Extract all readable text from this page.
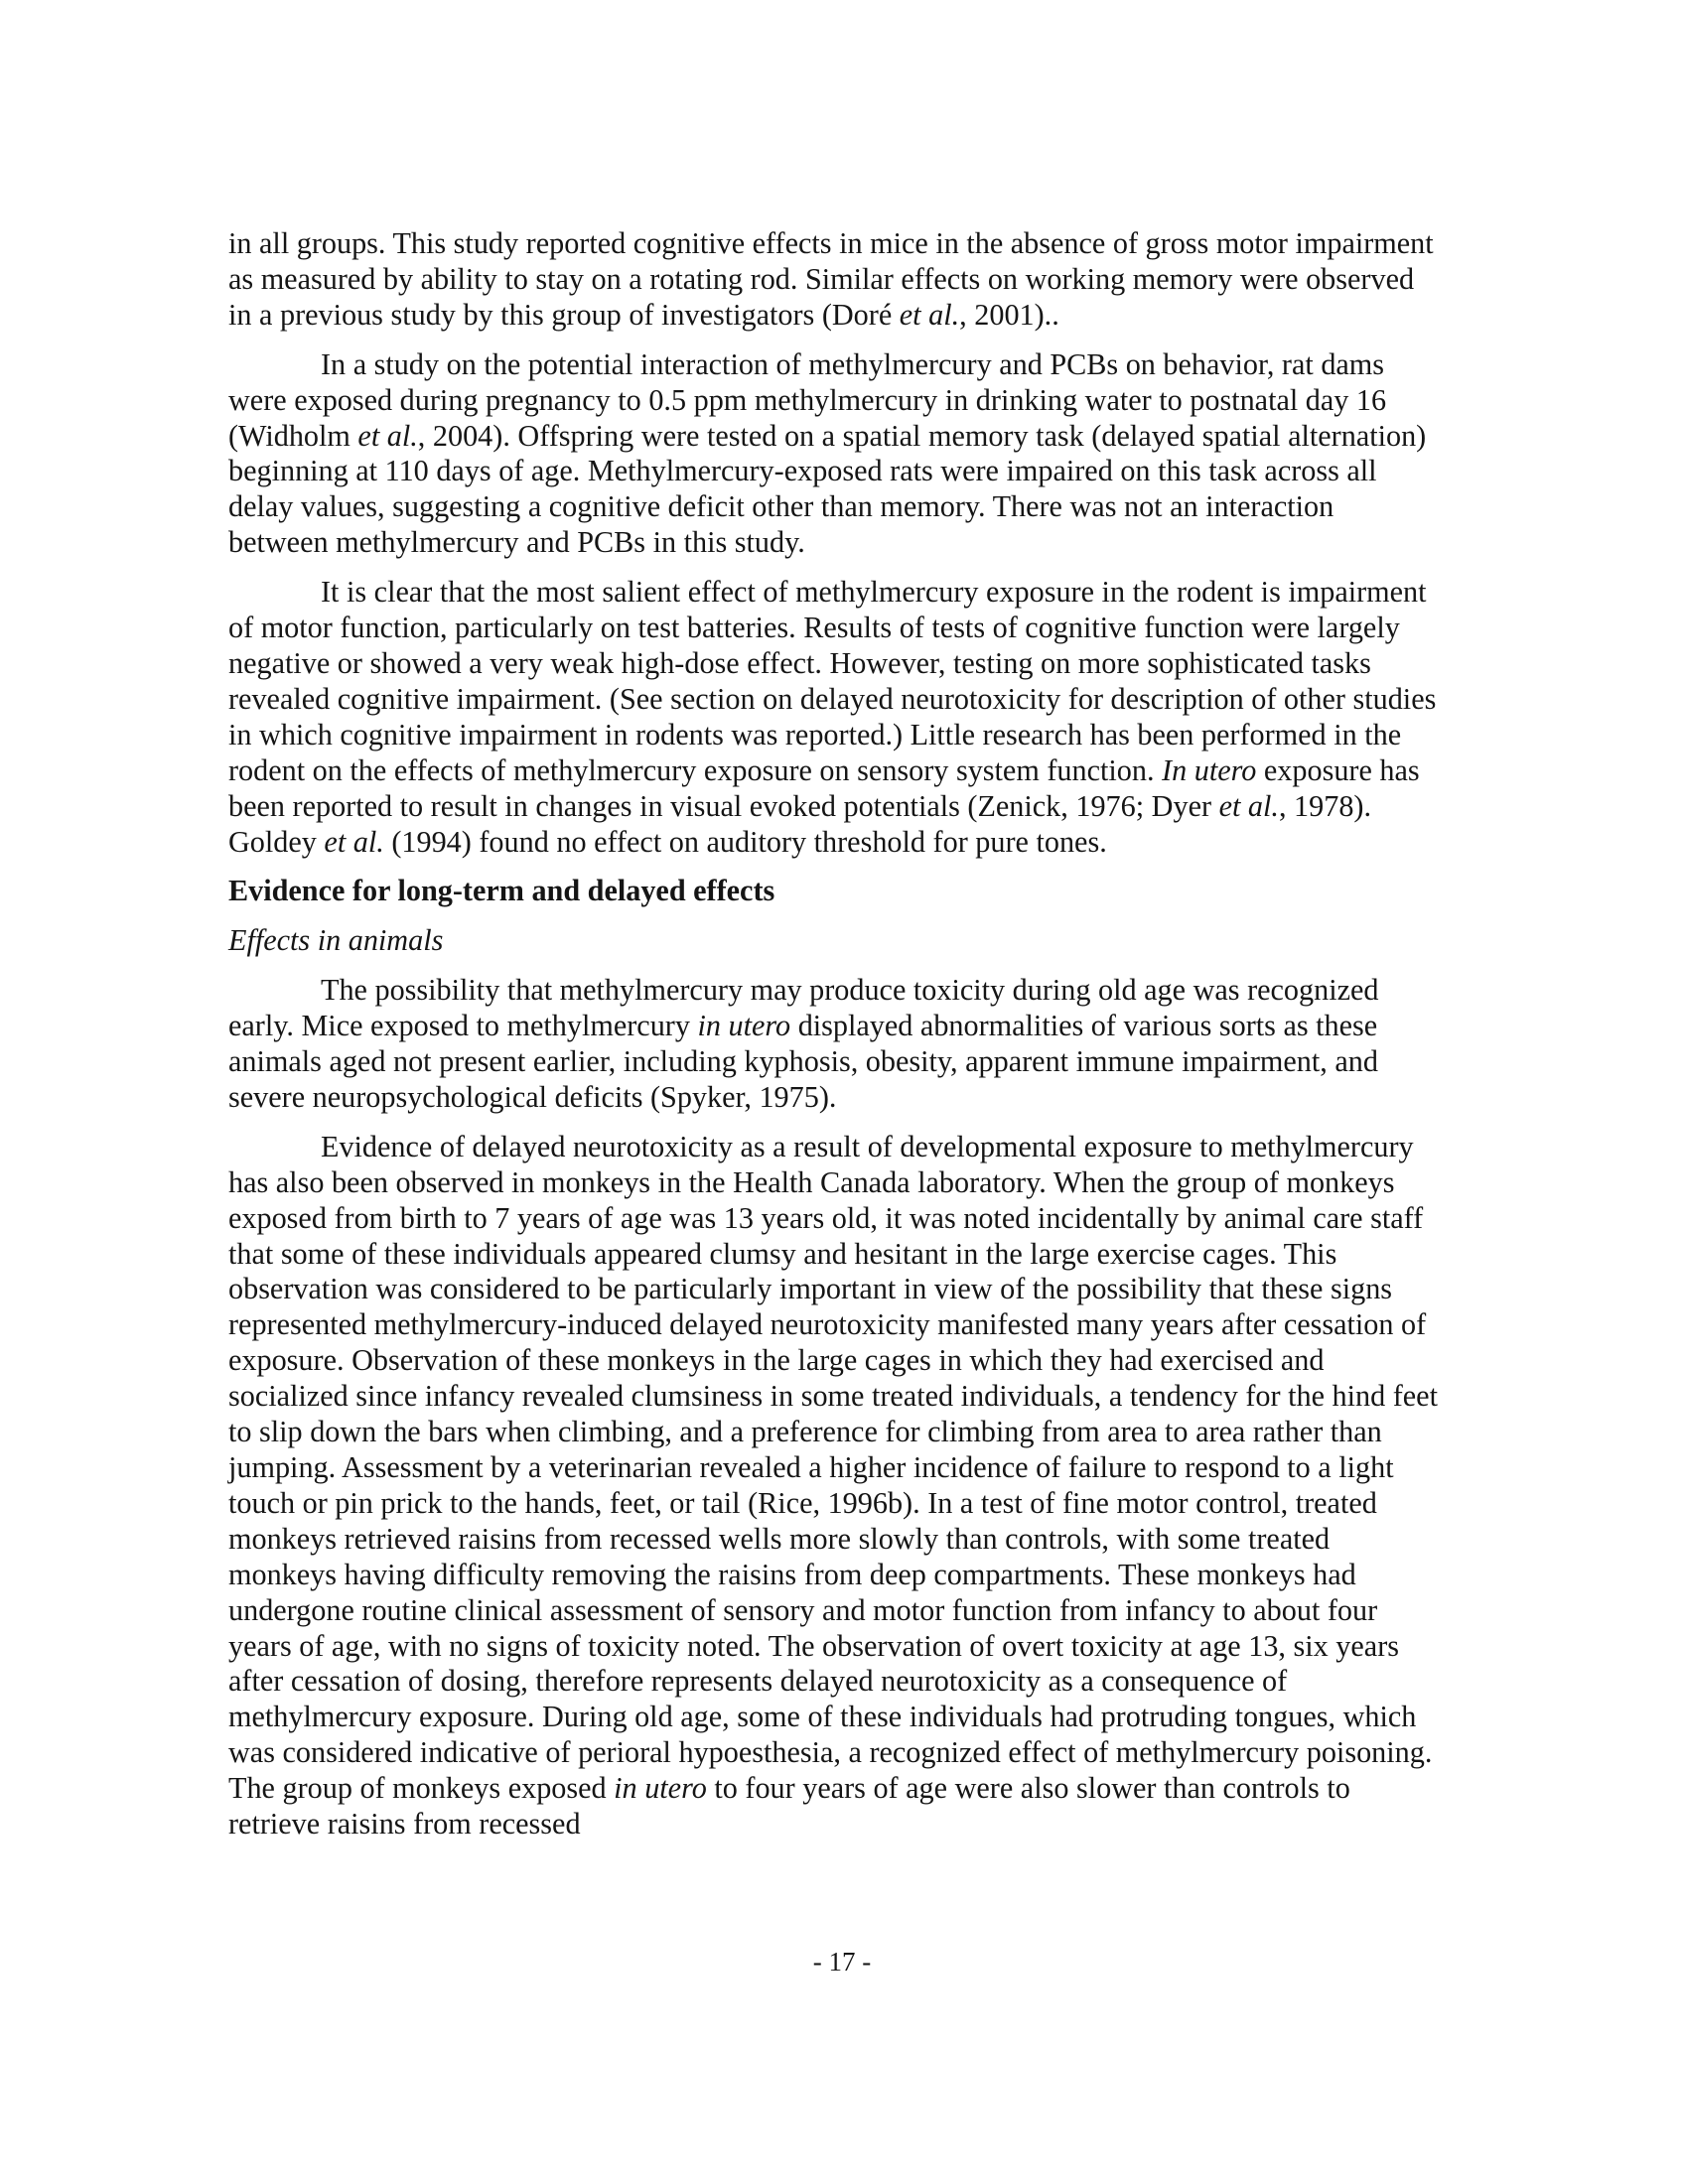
in all groups. This study reported cognitive effects in mice in the absence of gross motor impairment as measured by ability to stay on a rotating rod. Similar effects on working memory were observed in a previous study by this group of investigators (Doré et al., 2001)..

In a study on the potential interaction of methylmercury and PCBs on behavior, rat dams were exposed during pregnancy to 0.5 ppm methylmercury in drinking water to postnatal day 16 (Widholm et al., 2004). Offspring were tested on a spatial memory task (delayed spatial alternation) beginning at 110 days of age. Methylmercury-exposed rats were impaired on this task across all delay values, suggesting a cognitive deficit other than memory. There was not an interaction between methylmercury and PCBs in this study.

It is clear that the most salient effect of methylmercury exposure in the rodent is impairment of motor function, particularly on test batteries. Results of tests of cognitive function were largely negative or showed a very weak high-dose effect. However, testing on more sophisticated tasks revealed cognitive impairment. (See section on delayed neurotoxicity for description of other studies in which cognitive impairment in rodents was reported.) Little research has been performed in the rodent on the effects of methylmercury exposure on sensory system function. In utero exposure has been reported to result in changes in visual evoked potentials (Zenick, 1976; Dyer et al., 1978). Goldey et al. (1994) found no effect on auditory threshold for pure tones.

Evidence for long-term and delayed effects
Effects in animals

The possibility that methylmercury may produce toxicity during old age was recognized early. Mice exposed to methylmercury in utero displayed abnormalities of various sorts as these animals aged not present earlier, including kyphosis, obesity, apparent immune impairment, and severe neuropsychological deficits (Spyker, 1975).

Evidence of delayed neurotoxicity as a result of developmental exposure to methylmercury has also been observed in monkeys in the Health Canada laboratory. When the group of monkeys exposed from birth to 7 years of age was 13 years old, it was noted incidentally by animal care staff that some of these individuals appeared clumsy and hesitant in the large exercise cages. This observation was considered to be particularly important in view of the possibility that these signs represented methylmercury-induced delayed neurotoxicity manifested many years after cessation of exposure. Observation of these monkeys in the large cages in which they had exercised and socialized since infancy revealed clumsiness in some treated individuals, a tendency for the hind feet to slip down the bars when climbing, and a preference for climbing from area to area rather than jumping. Assessment by a veterinarian revealed a higher incidence of failure to respond to a light touch or pin prick to the hands, feet, or tail (Rice, 1996b). In a test of fine motor control, treated monkeys retrieved raisins from recessed wells more slowly than controls, with some treated monkeys having difficulty removing the raisins from deep compartments. These monkeys had undergone routine clinical assessment of sensory and motor function from infancy to about four years of age, with no signs of toxicity noted. The observation of overt toxicity at age 13, six years after cessation of dosing, therefore represents delayed neurotoxicity as a consequence of methylmercury exposure. During old age, some of these individuals had protruding tongues, which was considered indicative of perioral hypoesthesia, a recognized effect of methylmercury poisoning. The group of monkeys exposed in utero to four years of age were also slower than controls to retrieve raisins from recessed

- 17 -
